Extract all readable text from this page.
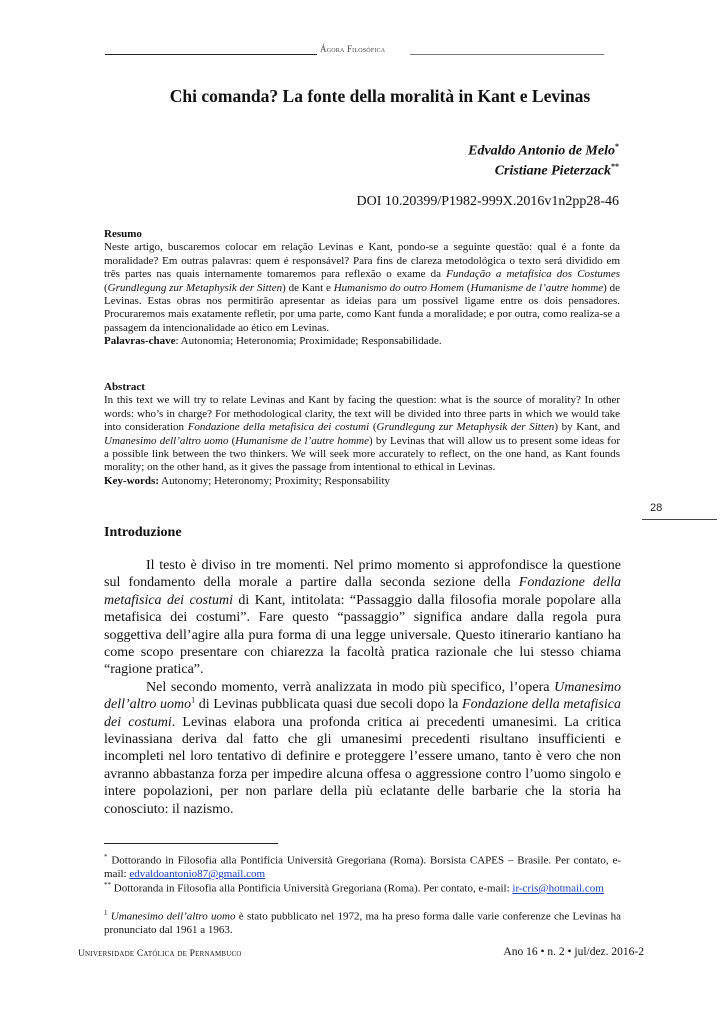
Ágora Filosófica
Chi comanda? La fonte della moralità in Kant e Levinas
Edvaldo Antonio de Melo*
Cristiane Pieterzack**
DOI 10.20399/P1982-999X.2016v1n2pp28-46
Resumo
Neste artigo, buscaremos colocar em relação Levinas e Kant, pondo-se a seguinte questão: qual é a fonte da moralidade? Em outras palavras: quem é responsável? Para fins de clareza metodológica o texto será dividido em três partes nas quais internamente tomaremos para reflexão o exame da Fundação a metafísica dos Costumes (Grundlegung zur Metaphysik der Sitten) de Kant e Humanismo do outro Homem (Humanisme de l’autre homme) de Levinas. Estas obras nos permitirão apresentar as ideias para um possível ligame entre os dois pensadores. Procuraremos mais exatamente refletir, por uma parte, como Kant funda a moralidade; e por outra, como realiza-se a passagem da intencionalidade ao ético em Levinas.
Palavras-chave: Autonomia; Heteronomia; Proximidade; Responsabilidade.
Abstract
In this text we will try to relate Levinas and Kant by facing the question: what is the source of morality? In other words: who’s in charge? For methodological clarity, the text will be divided into three parts in which we would take into consideration Fondazione della metafisica dei costumi (Grundlegung zur Metaphysik der Sitten) by Kant, and Umanesimo dell’altro uomo (Humanisme de l’autre homme) by Levinas that will allow us to present some ideas for a possible link between the two thinkers. We will seek more accurately to reflect, on the one hand, as Kant founds morality; on the other hand, as it gives the passage from intentional to ethical in Levinas.
Key-words: Autonomy; Heteronomy; Proximity; Responsability
28
Introduzione

Il testo è diviso in tre momenti. Nel primo momento si approfondisce la questione sul fondamento della morale a partire dalla seconda sezione della Fondazione della metafisica dei costumi di Kant, intitolata: “Passaggio dalla filosofia morale popolare alla metafisica dei costumi”. Fare questo “passaggio” significa andare dalla regola pura soggettiva dell’agire alla pura forma di una legge universale. Questo itinerario kantiano ha come scopo presentare con chiarezza la facoltà pratica razionale che lui stesso chiama “ragione pratica”.

Nel secondo momento, verrà analizzata in modo più specifico, l’opera Umanesimo dell’altro uomo$^1$ di Levinas pubblicata quasi due secoli dopo la Fondazione della metafisica dei costumi. Levinas elabora una profonda critica ai precedenti umanesimi. La critica levinassiana deriva dal fatto che gli umanesimi precedenti risultano insufficienti e incompleti nel loro tentativo di definire e proteggere l’essere umano, tanto è vero che non avranno abbastanza forza per impedire alcuna offesa o aggressione contro l’uomo singolo e intere popolazioni, per non parlare della più eclatante delle barbarie che la storia ha conosciuto: il nazismo.

* Dottorando in Filosofia alla Pontificia Università Gregoriana (Roma). Borsista CAPES – Brasile. Per contato, e-mail: edvaldoantonio87@gmail.com
** Dottoranda in Filosofia alla Pontificia Università Gregoriana (Roma). Per contato, e-mail: ir-cris@hotmail.com
$^1$ Umanesimo dell’altro uomo è stato pubblicato nel 1972, ma ha preso forma dalle varie conferenze che Levinas ha pronunciato dal 1961 a 1963.
Universidade Católica de Pernambuco	Ano 16 • n. 2 • jul/dez. 2016-2
